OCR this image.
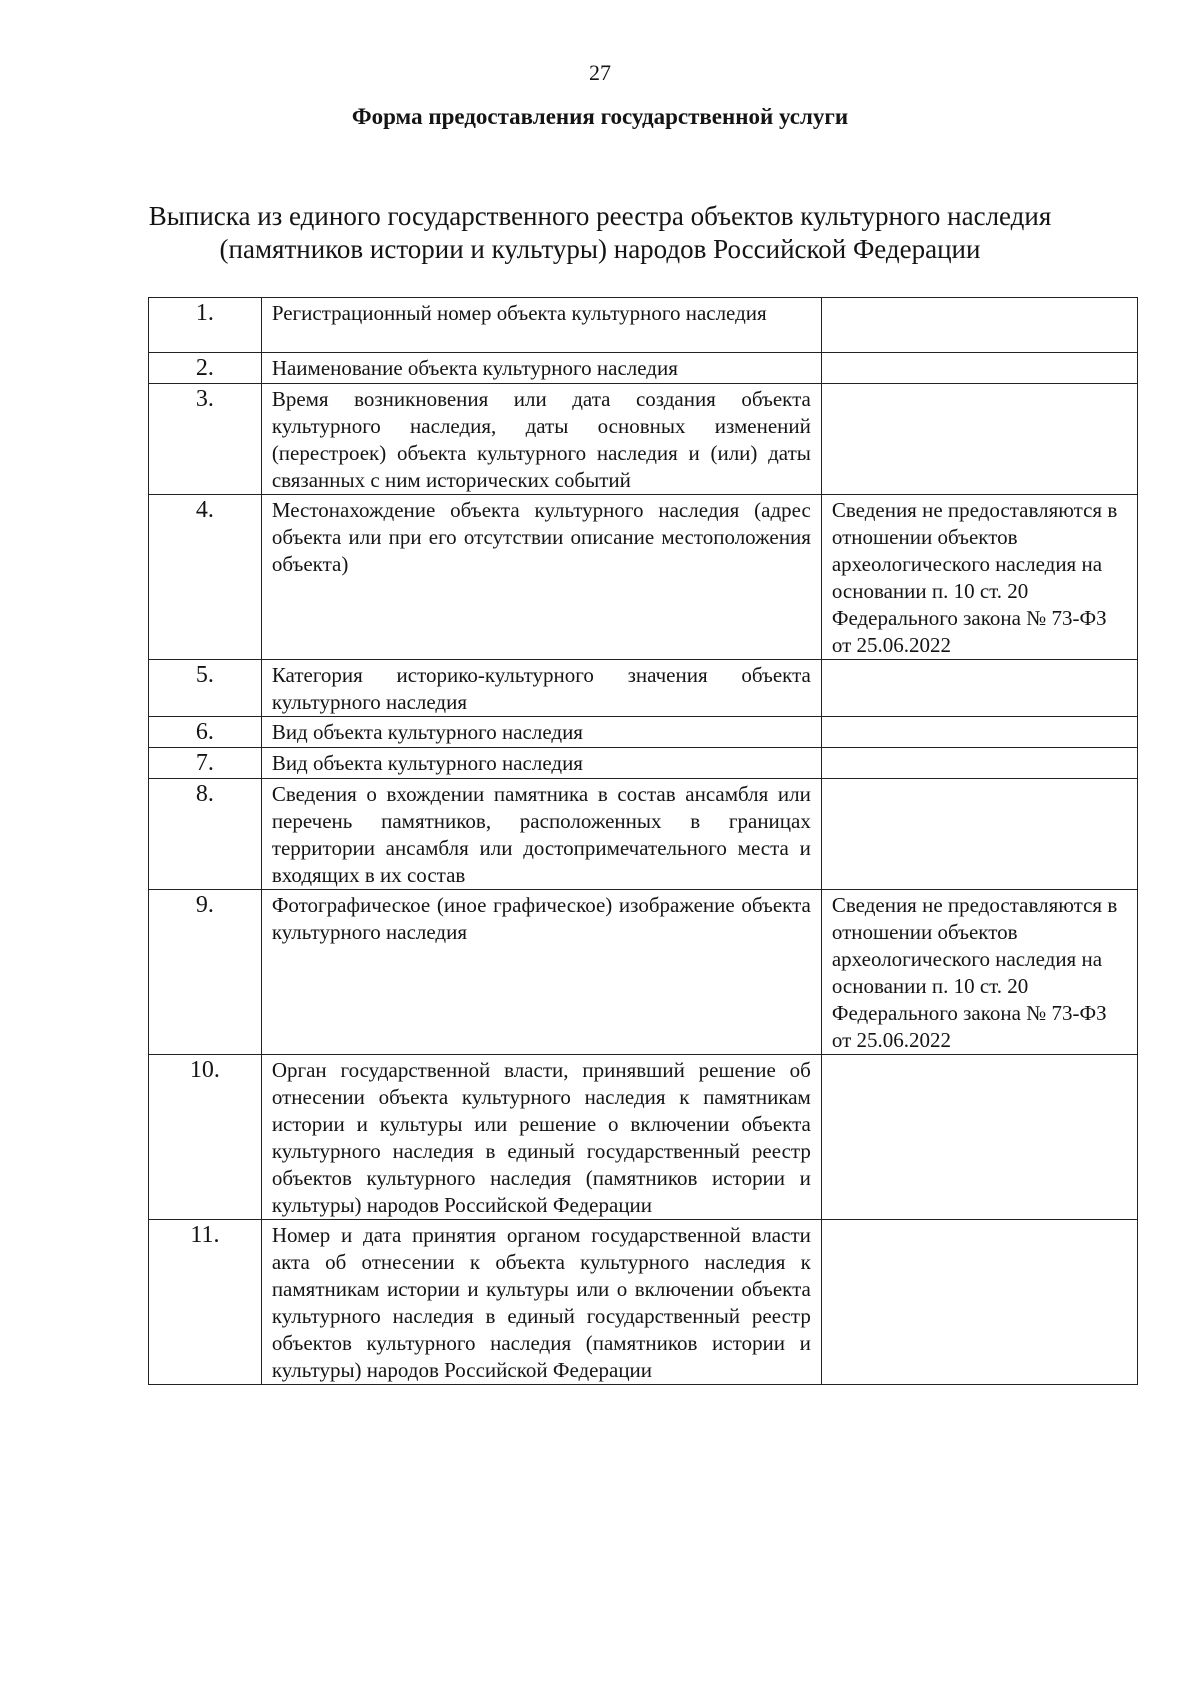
27
Форма предоставления государственной услуги
Выписка из единого государственного реестра объектов культурного наследия
(памятников истории и культуры) народов Российской Федерации
1.	Регистрационный номер объекта культурного наследия	
2.	Наименование объекта культурного наследия	
3.	Время возникновения или дата создания объекта культурного наследия, даты основных изменений (перестроек) объекта культурного наследия и (или) даты связанных с ним исторических событий	
4.	Местонахождение объекта культурного наследия (адрес объекта или при его отсутствии описание местоположения объекта)	Сведения не предоставляются в отношении объектов археологического наследия на основании п. 10 ст. 20 Федерального закона № 73-ФЗ от 25.06.2022
5.	Категория историко-культурного значения объекта культурного наследия	
6.	Вид объекта культурного наследия	
7.	Вид объекта культурного наследия	
8.	Сведения о вхождении памятника в состав ансамбля или перечень памятников, расположенных в границах территории ансамбля или достопримечательного места и входящих в их состав	
9.	Фотографическое (иное графическое) изображение объекта культурного наследия	Сведения не предоставляются в отношении объектов археологического наследия на основании п. 10 ст. 20 Федерального закона № 73-ФЗ от 25.06.2022
10.	Орган государственной власти, принявший решение об отнесении объекта культурного наследия к памятникам истории и культуры или решение о включении объекта культурного наследия в единый государственный реестр объектов культурного наследия (памятников истории и культуры) народов Российской Федерации	
11.	Номер и дата принятия органом государственной власти акта об отнесении к объекта культурного наследия к памятникам истории и культуры или о включении объекта культурного наследия в единый государственный реестр объектов культурного наследия (памятников истории и культуры) народов Российской Федерации	
